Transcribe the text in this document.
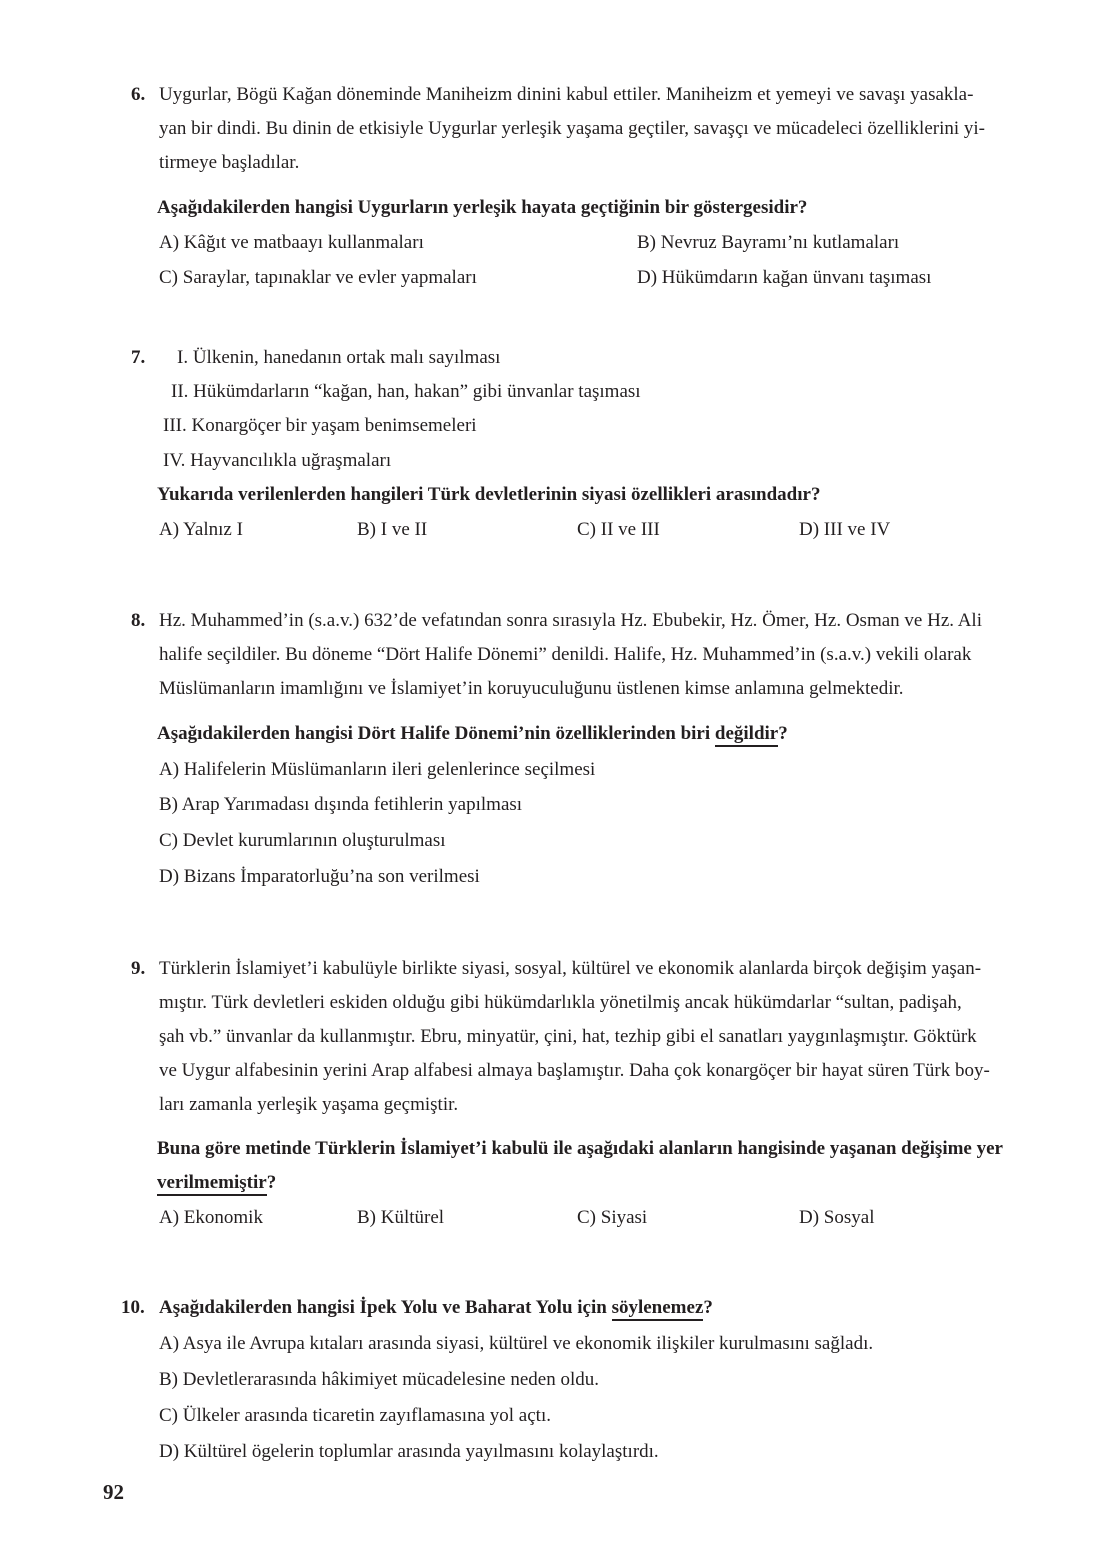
6. Uygurlar, Bögü Kağan döneminde Maniheizm dinini kabul ettiler. Maniheizm et yemeyi ve savaşı yasakla-
yan bir dindi. Bu dinin de etkisiyle Uygurlar yerleşik yaşama geçtiler, savaşçı ve mücadeleci özelliklerini yi-
tirmeye başladılar.
Aşağıdakilerden hangisi Uygurların yerleşik hayata geçtiğinin bir göstergesidir?
A) Kâğıt ve matbaayı kullanmaları	B) Nevruz Bayramı’nı kutlamaları
C) Saraylar, tapınaklar ve evler yapmaları	D) Hükümdarın kağan ünvanı taşıması
7. I. Ülkenin, hanedanın ortak malı sayılması
II. Hükümdarların “kağan, han, hakan” gibi ünvanlar taşıması
III. Konargöçer bir yaşam benimsemeleri
IV. Hayvancılıkla uğraşmaları
Yukarıda verilenlerden hangileri Türk devletlerinin siyasi özellikleri arasındadır?
A) Yalnız I	B) I ve II	C) II ve III	D) III ve IV
8. Hz. Muhammed’in (s.a.v.) 632’de vefatından sonra sırasıyla Hz. Ebubekir, Hz. Ömer, Hz. Osman ve Hz. Ali
halife seçildiler. Bu döneme “Dört Halife Dönemi” denildi. Halife, Hz. Muhammed’in (s.a.v.) vekili olarak
Müslümanların imamlığını ve İslamiyet’in koruyuculuğunu üstlenen kimse anlamına gelmektedir.
Aşağıdakilerden hangisi Dört Halife Dönemi’nin özelliklerinden biri değildir?
A) Halifelerin Müslümanların ileri gelenlerince seçilmesi
B) Arap Yarımadası dışında fetihlerin yapılması
C) Devlet kurumlarının oluşturulması
D) Bizans İmparatorluğu’na son verilmesi
9. Türklerin İslamiyet’i kabulüyle birlikte siyasi, sosyal, kültürel ve ekonomik alanlarda birçok değişim yaşan-
mıştır. Türk devletleri eskiden olduğu gibi hükümdarlıkla yönetilmiş ancak hükümdarlar “sultan, padişah,
şah vb.” ünvanlar da kullanmıştır. Ebru, minyatür, çini, hat, tezhip gibi el sanatları yaygınlaşmıştır. Göktürk
ve Uygur alfabesinin yerini Arap alfabesi almaya başlamıştır. Daha çok konargöçer bir hayat süren Türk boy-
ları zamanla yerleşik yaşama geçmiştir.
Buna göre metinde Türklerin İslamiyet’i kabulü ile aşağıdaki alanların hangisinde yaşanan değişime yer
verilmemiştir?
A) Ekonomik	B) Kültürel	C) Siyasi	D) Sosyal
10. Aşağıdakilerden hangisi İpek Yolu ve Baharat Yolu için söylenemez?
A) Asya ile Avrupa kıtaları arasında siyasi, kültürel ve ekonomik ilişkiler kurulmasını sağladı.
B) Devletlerarasında hâkimiyet mücadelesine neden oldu.
C) Ülkeler arasında ticaretin zayıflamasına yol açtı.
D) Kültürel ögelerin toplumlar arasında yayılmasını kolaylaştırdı.
92
